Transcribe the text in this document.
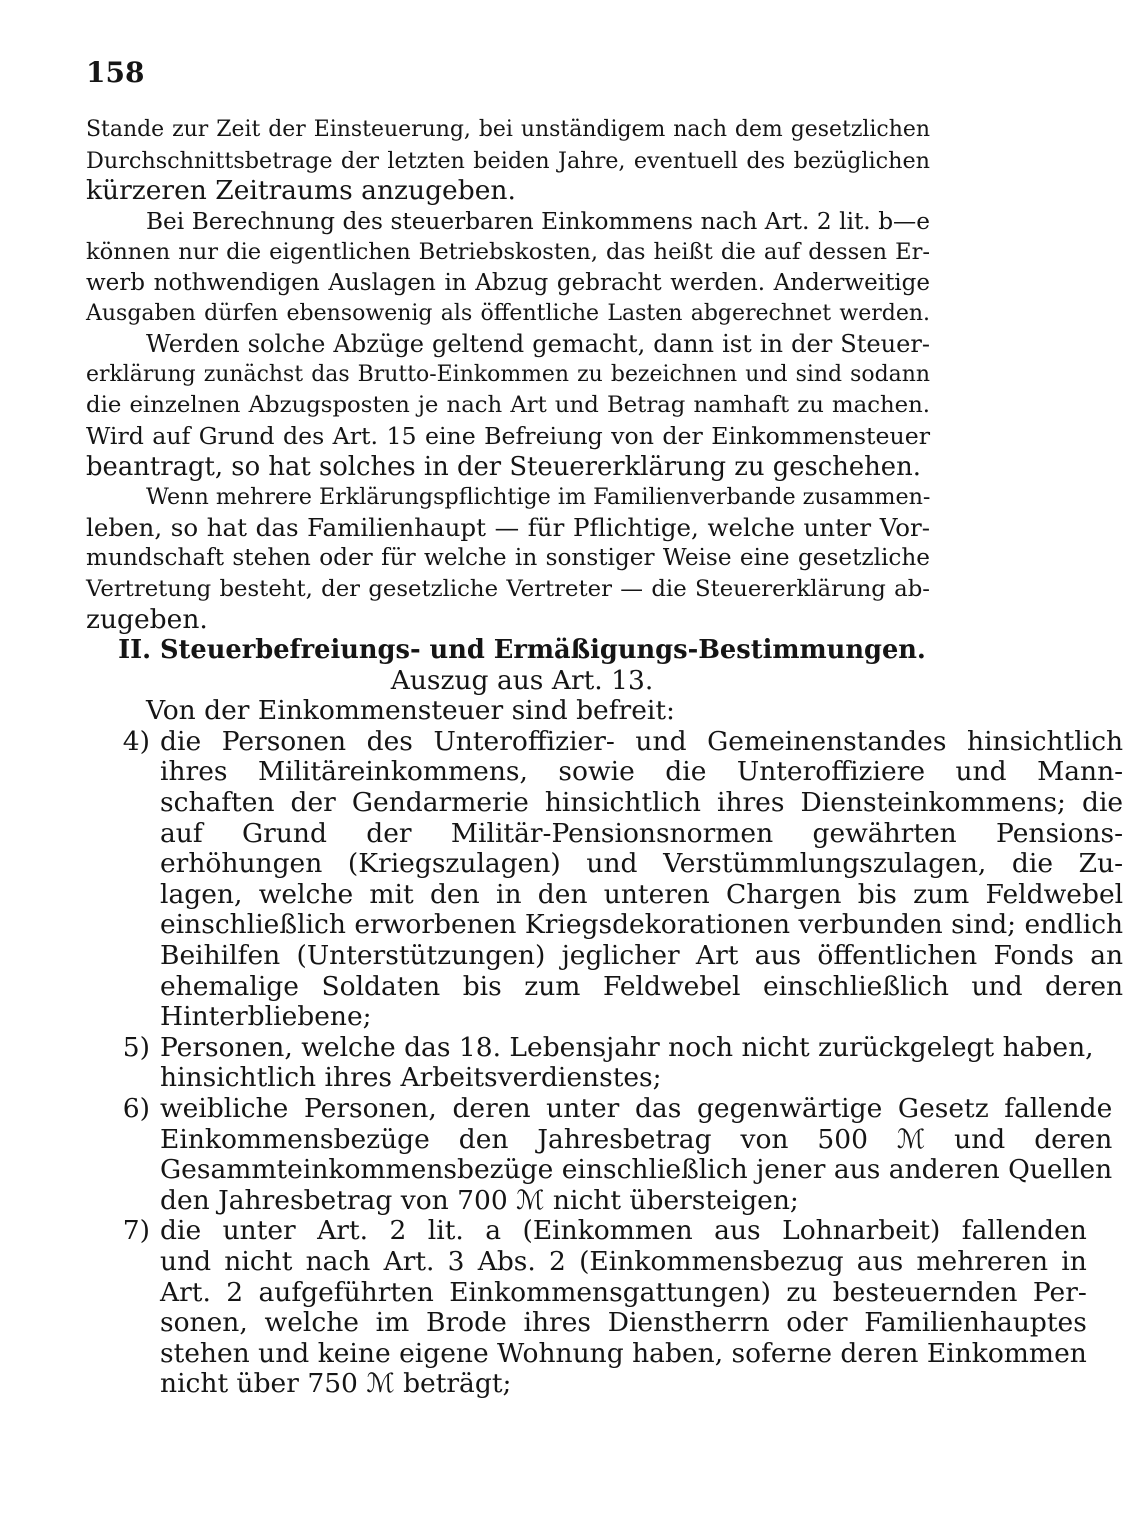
158
Stande zur Zeit der Einsteuerung, bei unständigem nach dem gesetzlichen
Durchschnittsbetrage der letzten beiden Jahre, eventuell des bezüglichen
kürzeren Zeitraums anzugeben.
Bei Berechnung des steuerbaren Einkommens nach Art. 2 lit. b—e
können nur die eigentlichen Betriebskosten, das heißt die auf dessen Er-
werb nothwendigen Auslagen in Abzug gebracht werden. Anderweitige
Ausgaben dürfen ebensowenig als öffentliche Lasten abgerechnet werden.
Werden solche Abzüge geltend gemacht, dann ist in der Steuer-
erklärung zunächst das Brutto-Einkommen zu bezeichnen und sind sodann
die einzelnen Abzugsposten je nach Art und Betrag namhaft zu machen.
Wird auf Grund des Art. 15 eine Befreiung von der Einkommensteuer
beantragt, so hat solches in der Steuererklärung zu geschehen.
Wenn mehrere Erklärungspflichtige im Familienverbande zusammen-
leben, so hat das Familienhaupt — für Pflichtige, welche unter Vor-
mundschaft stehen oder für welche in sonstiger Weise eine gesetzliche
Vertretung besteht, der gesetzliche Vertreter — die Steuererklärung ab-
zugeben.
II. Steuerbefreiungs- und Ermäßigungs-Bestimmungen.
Auszug aus Art. 13.
Von der Einkommensteuer sind befreit:
4) die Personen des Unteroffizier- und Gemeinenstandes hinsichtlich
ihres Militäreinkommens, sowie die Unteroffiziere und Mann-
schaften der Gendarmerie hinsichtlich ihres Diensteinkommens; die
auf Grund der Militär-Pensionsnormen gewährten Pensions-
erhöhungen (Kriegszulagen) und Verstümmlungszulagen, die Zu-
lagen, welche mit den in den unteren Chargen bis zum Feldwebel
einschließlich erworbenen Kriegsdekorationen verbunden sind; endlich
Beihilfen (Unterstützungen) jeglicher Art aus öffentlichen Fonds an
ehemalige Soldaten bis zum Feldwebel einschließlich und deren
Hinterbliebene;
5) Personen, welche das 18. Lebensjahr noch nicht zurückgelegt haben,
hinsichtlich ihres Arbeitsverdienstes;
6) weibliche Personen, deren unter das gegenwärtige Gesetz fallende
Einkommensbezüge den Jahresbetrag von 500 ℳ und deren
Gesammteinkommensbezüge einschließlich jener aus anderen Quellen
den Jahresbetrag von 700 ℳ nicht übersteigen;
7) die unter Art. 2 lit. a (Einkommen aus Lohnarbeit) fallenden
und nicht nach Art. 3 Abs. 2 (Einkommensbezug aus mehreren in
Art. 2 aufgeführten Einkommensgattungen) zu besteuernden Per-
sonen, welche im Brode ihres Dienstherrn oder Familienhauptes
stehen und keine eigene Wohnung haben, soferne deren Einkommen
nicht über 750 ℳ beträgt;
